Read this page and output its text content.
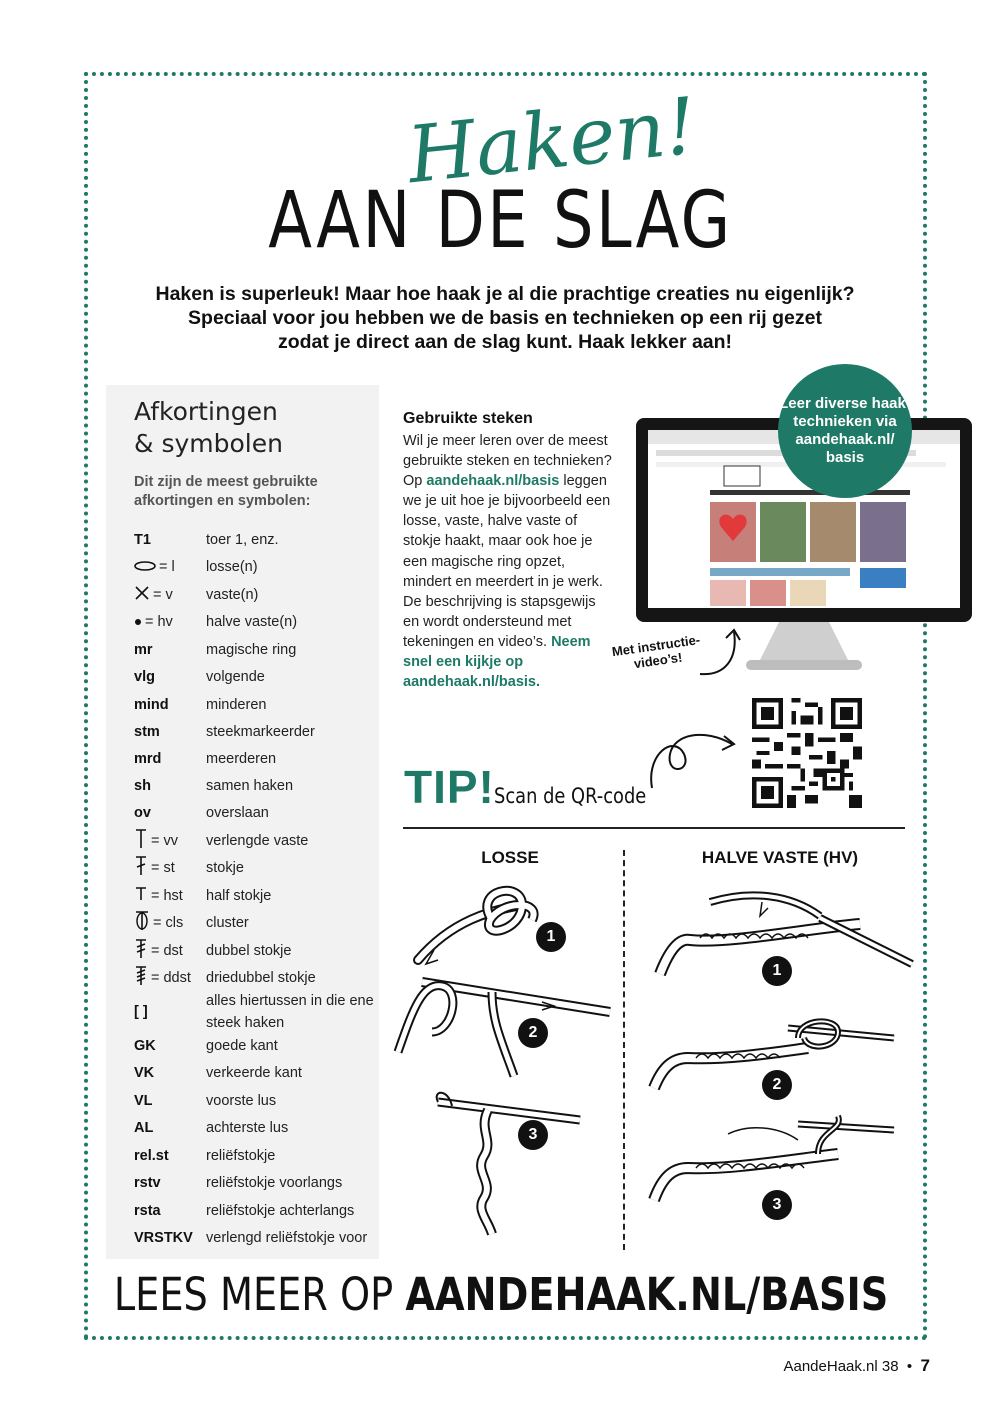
Haken!
AAN DE SLAG

Haken is superleuk! Maar hoe haak je al die prachtige creaties nu eigenlijk?

Speciaal voor jou hebben we de basis en technieken op een rij gezet

zodat je direct aan de slag kunt. Haak lekker aan!

Afkortingen
& symbolen
Dit zijn de meest gebruikte afkortingen en symbolen:
T1	toer 1, enz.
= l losse(n)
= v vaste(n)
= hv halve vaste(n)
mr	magische ring
vlg	volgende
mind	minderen
stm	steekmarkeerder
mrd	meerderen
sh	samen haken
ov	overslaan
= vv verlengde vaste
= st stokje
= hst half stokje
= cls cluster
= dst dubbel stokje
= ddst driedubbel stokje
[ ]
alles hiertussen in die ene steek haken
GK	goede kant
VK	verkeerde kant
VL	voorste lus
AL	achterste lus
rel.st	reliëfstokje
rstv	reliëfstokje voorlangs
rsta	reliëfstokje achterlangs
VRSTKV verlengd reliëfstokje voor
Gebruikte steken
Wil je meer leren over de meest gebruikte steken en technieken? Op aandehaak.nl/basis leggen we je uit hoe je bijvoorbeeld een losse, vaste, halve vaste of stokje haakt, maar ook hoe je een magische ring opzet, mindert en meerdert in je werk. De beschrijving is stapsgewijs en wordt ondersteund met tekeningen en video’s. Neem snel een kijkje op aandehaak.nl/basis.
Leer diverse haak-technieken via aandehaak.nl/ basis
Met instructie-video’s!
TIP! Scan de QR-code
LOSSE	HALVE VASTE (HV)
1
2
3
1
2
3
LEES MEER OP AANDEHAAK.NL/BASIS
AandeHaak.nl 38 • 7
